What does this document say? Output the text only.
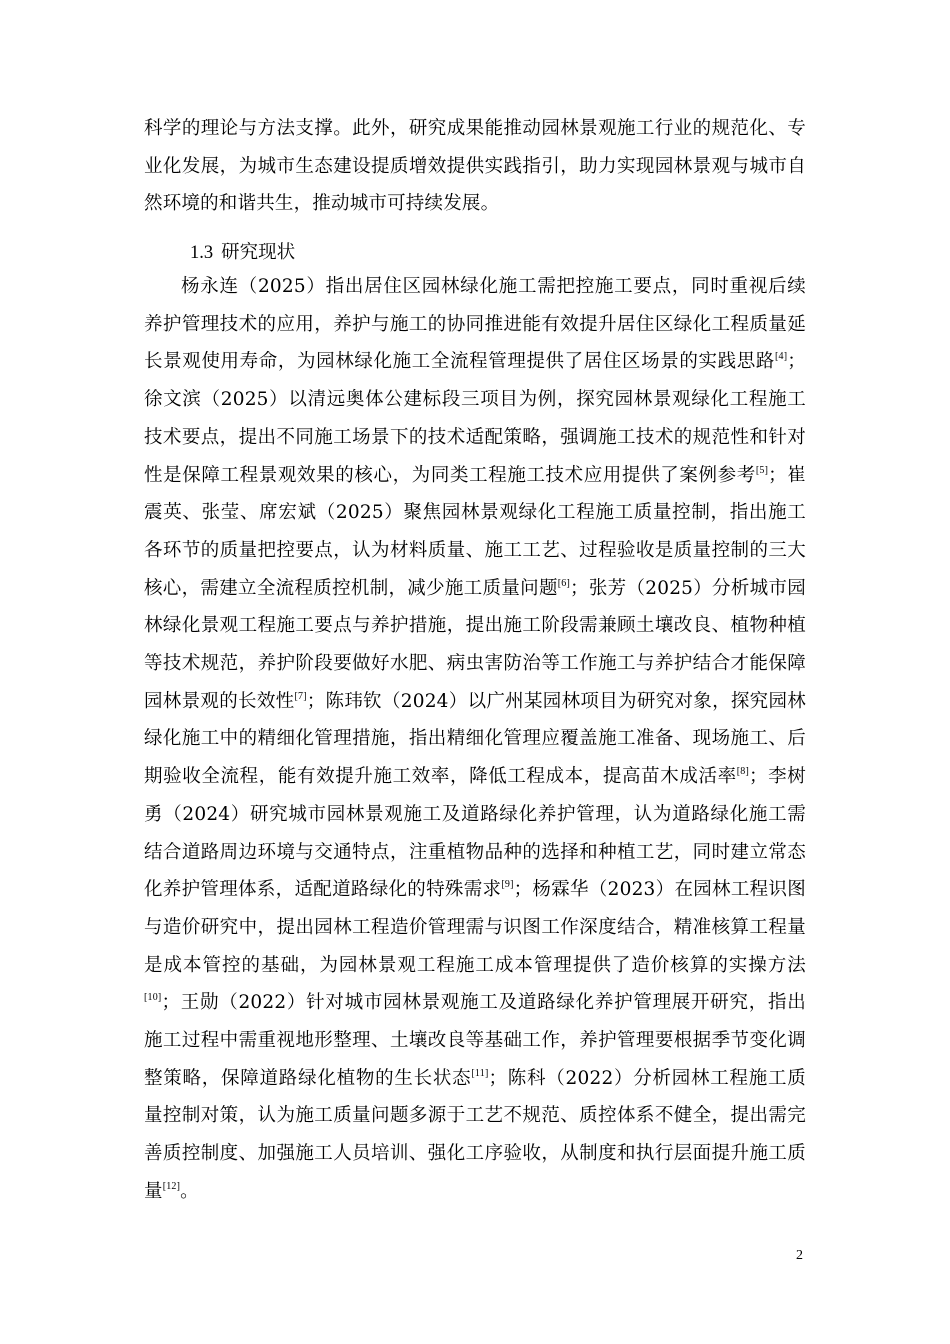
科学的理论与方法支撑。此外，研究成果能推动园林景观施工行业的规范化、专业化发展，为城市生态建设提质增效提供实践指引，助力实现园林景观与城市自然环境的和谐共生，推动城市可持续发展。

1.3 研究现状

杨永连（2025）指出居住区园林绿化施工需把控施工要点，同时重视后续养护管理技术的应用，养护与施工的协同推进能有效提升居住区绿化工程质量延长景观使用寿命，为园林绿化施工全流程管理提供了居住区场景的实践思路[4]；徐文滨（2025）以清远奥体公建标段三项目为例，探究园林景观绿化工程施工技术要点，提出不同施工场景下的技术适配策略，强调施工技术的规范性和针对性是保障工程景观效果的核心，为同类工程施工技术应用提供了案例参考[5]；崔震英、张莹、席宏斌（2025）聚焦园林景观绿化工程施工质量控制，指出施工各环节的质量把控要点，认为材料质量、施工工艺、过程验收是质量控制的三大核心，需建立全流程质控机制，减少施工质量问题[6]；张芳（2025）分析城市园林绿化景观工程施工要点与养护措施，提出施工阶段需兼顾土壤改良、植物种植等技术规范，养护阶段要做好水肥、病虫害防治等工作施工与养护结合才能保障园林景观的长效性[7]；陈玮钦（2024）以广州某园林项目为研究对象，探究园林绿化施工中的精细化管理措施，指出精细化管理应覆盖施工准备、现场施工、后期验收全流程，能有效提升施工效率，降低工程成本，提高苗木成活率[8]；李树勇（2024）研究城市园林景观施工及道路绿化养护管理，认为道路绿化施工需结合道路周边环境与交通特点，注重植物品种的选择和种植工艺，同时建立常态化养护管理体系，适配道路绿化的特殊需求[9]；杨霖华（2023）在园林工程识图与造价研究中，提出园林工程造价管理需与识图工作深度结合，精准核算工程量是成本管控的基础，为园林景观工程施工成本管理提供了造价核算的实操方法[10]；王勋（2022）针对城市园林景观施工及道路绿化养护管理展开研究，指出施工过程中需重视地形整理、土壤改良等基础工作，养护管理要根据季节变化调整策略，保障道路绿化植物的生长状态[11]；陈科（2022）分析园林工程施工质量控制对策，认为施工质量问题多源于工艺不规范、质控体系不健全，提出需完善质控制度、加强施工人员培训、强化工序验收，从制度和执行层面提升施工质量[12]。

2
